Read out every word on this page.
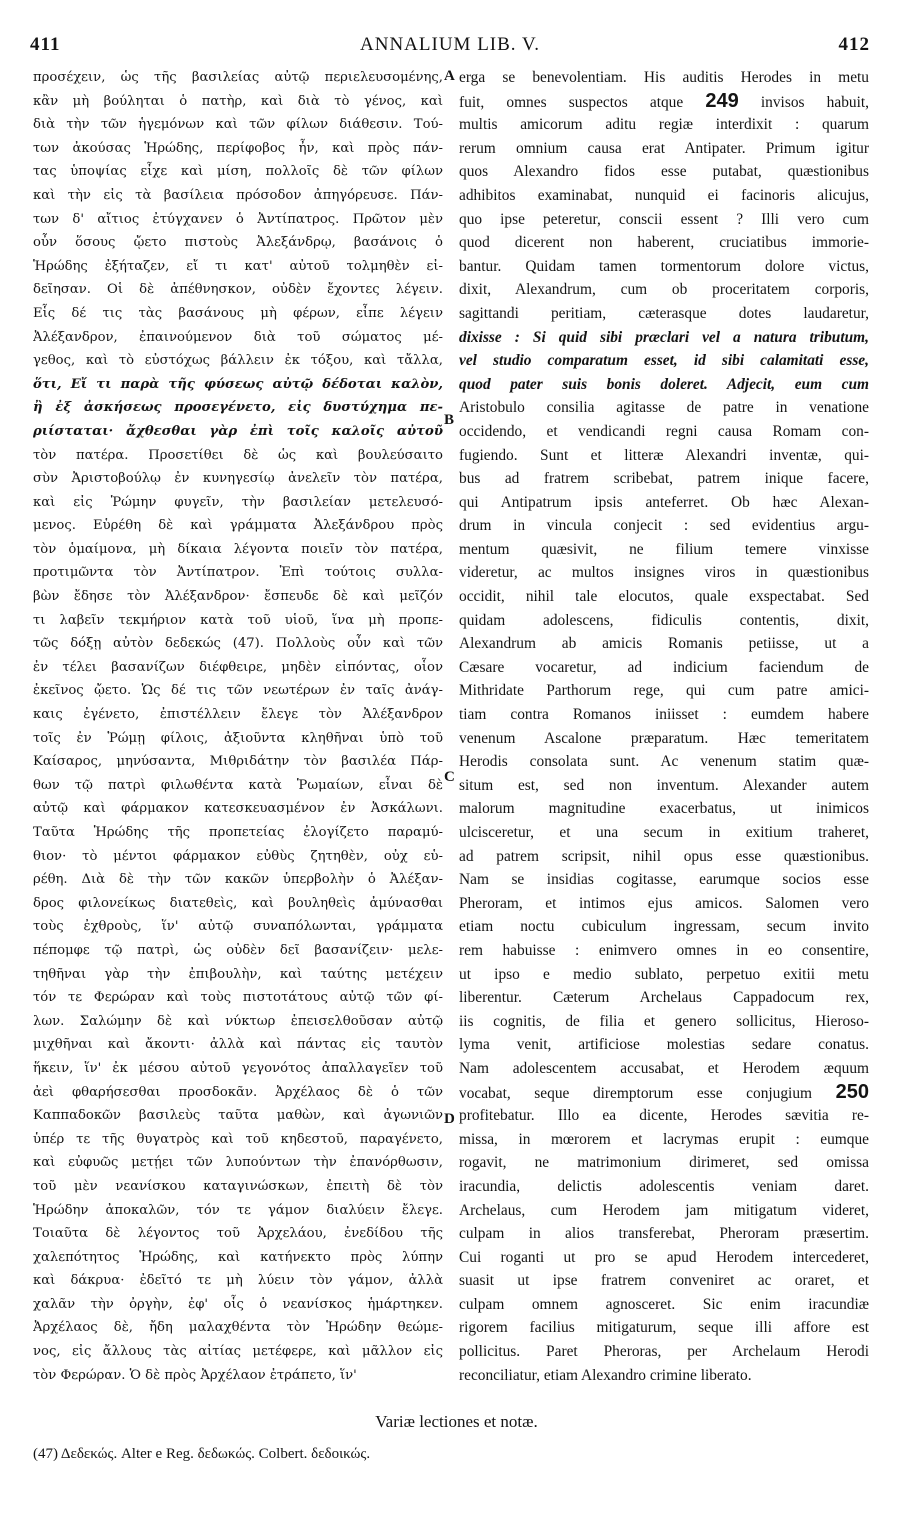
411	ANNALIUM LIB. V.	412
προσέχειν, ὡς τῆς βασιλείας αὐτῷ περιελευσομένης,
κἂν μὴ βούληται ὁ πατὴρ, καὶ διὰ τὸ γένος, καὶ
διὰ τὴν τῶν ἡγεμόνων καὶ τῶν φίλων διάθεσιν. Τού-
των ἀκούσας Ἡρώδης, περίφοβος ἦν, καὶ πρὸς πάν-
τας ὑποψίας εἶχε καὶ μίση, πολλοῖς δὲ τῶν φίλων
καὶ τὴν εἰς τὰ βασίλεια πρόσοδον ἀπηγόρευσε. Πάν-
των δ' αἴτιος ἐτύγχανεν ὁ Ἀντίπατρος. Πρῶτον μὲν
οὖν ὅσους ᾤετο πιστοὺς Ἀλεξάνδρῳ, βασάνοις ὁ
Ἡρώδης ἐξήταζεν, εἴ τι κατ' αὐτοῦ τολμηθὲν εἰ-
δεῖησαν. Οἱ δὲ ἀπέθνησκον, οὐδὲν ἔχοντες λέγειν.
Εἷς δέ τις τὰς βασάνους μὴ φέρων, εἶπε λέγειν
Ἀλέξανδρον, ἐπαινούμενον διὰ τοῦ σώματος μέ-
γεθος, καὶ τὸ εὐστόχως βάλλειν ἐκ τόξου, καὶ τἄλλα,
ὅτι, Εἴ τι παρὰ τῆς φύσεως αὐτῷ δέδοται καλὸν,
ἢ ἐξ ἀσκήσεως προσεγένετο, εἰς δυστύχημα πε-
ριίσταται· ἄχθεσθαι γὰρ ἐπὶ τοῖς καλοῖς αὐτοῦ
τὸν πατέρα. Προσετίθει δὲ ὡς καὶ βουλεύσαιτο
σὺν Ἀριστοβούλῳ ἐν κυνηγεσίῳ ἀνελεῖν τὸν πατέρα,
καὶ εἰς Ῥώμην φυγεῖν, τὴν βασιλείαν μετελευσό-
μενος. Εὑρέθη δὲ καὶ γράμματα Ἀλεξάνδρου πρὸς
τὸν ὁμαίμονα, μὴ δίκαια λέγοντα ποιεῖν τὸν πατέρα,
προτιμῶντα τὸν Ἀντίπατρον. Ἐπὶ τούτοις συλλα-
βὼν ἔδησε τὸν Ἀλέξανδρον· ἔσπευδε δὲ καὶ μεῖζόν
τι λαβεῖν τεκμήριον κατὰ τοῦ υἱοῦ, ἵνα μὴ προπε-
τῶς δόξῃ αὐτὸν δεδεκώς (47). Πολλοὺς οὖν καὶ τῶν
ἐν τέλει βασανίζων διέφθειρε, μηδὲν εἰπόντας, οἷον
ἐκεῖνος ᾤετο. Ὡς δέ τις τῶν νεωτέρων ἐν ταῖς ἀνάγ-
καις ἐγένετο, ἐπιστέλλειν ἔλεγε τὸν Ἀλέξανδρον
τοῖς ἐν Ῥώμῃ φίλοις, ἀξιοῦντα κληθῆναι ὑπὸ τοῦ
Καίσαρος, μηνύσαντα, Μιθριδάτην τὸν βασιλέα Πάρ-
θων τῷ πατρὶ φιλωθέντα κατὰ Ῥωμαίων, εἶναι δὲ
αὐτῷ καὶ φάρμακον κατεσκευασμένον ἐν Ἀσκάλωνι.
Ταῦτα Ἡρώδης τῆς προπετείας ἐλογίζετο παραμύ-
θιον· τὸ μέντοι φάρμακον εὐθὺς ζητηθὲν, οὐχ εὑ-
ρέθη. Διὰ δὲ τὴν τῶν κακῶν ὑπερβολὴν ὁ Ἀλέξαν-
δρος φιλονείκως διατεθεὶς, καὶ βουληθεὶς ἀμύνασθαι
τοὺς ἐχθροὺς, ἵν' αὐτῷ συναπόλωνται, γράμματα
πέπομφε τῷ πατρὶ, ὡς οὐδὲν δεῖ βασανίζειν· μελε-
τηθῆναι γὰρ τὴν ἐπιβουλὴν, καὶ ταύτης μετέχειν
τόν τε Φερώραν καὶ τοὺς πιστοτάτους αὐτῷ τῶν φί-
λων. Σαλώμην δὲ καὶ νύκτωρ ἐπεισελθοῦσαν αὐτῷ
μιχθῆναι καὶ ἄκοντι· ἀλλὰ καὶ πάντας εἰς ταυτὸν
ἥκειν, ἵν' ἐκ μέσου αὐτοῦ γεγονότος ἀπαλλαγεῖεν τοῦ
ἀεὶ φθαρήσεσθαι προσδοκᾶν. Ἀρχέλαος δὲ ὁ τῶν
Καππαδοκῶν βασιλεὺς ταῦτα μαθὼν, καὶ ἀγωνιῶν
ὑπέρ τε τῆς θυγατρὸς καὶ τοῦ κηδεστοῦ, παραγένετο,
καὶ εὐφυῶς μετῄει τῶν λυπούντων τὴν ἐπανόρθωσιν,
τοῦ μὲν νεανίσκου καταγινώσκων, ἐπειτὴ δὲ τὸν
Ἡρώδην ἀποκαλῶν, τόν τε γάμον διαλύειν ἔλεγε.
Τοιαῦτα δὲ λέγοντος τοῦ Ἀρχελάου, ἐνεδίδου τῆς
χαλεπότητος Ἡρώδης, καὶ κατήνεκτο πρὸς λύπην
καὶ δάκρυα· ἐδεῖτό τε μὴ λύειν τὸν γάμον, ἀλλὰ
χαλᾶν τὴν ὀργὴν, ἐφ' οἷς ὁ νεανίσκος ἡμάρτηκεν.
Ἀρχέλαος δὲ, ἤδη μαλαχθέντα τὸν Ἡρώδην θεώμε-
νος, εἰς ἄλλους τὰς αἰτίας μετέφερε, καὶ μᾶλλον εἰς
τὸν Φερώραν. Ὁ δὲ πρὸς Ἀρχέλαον ἐτράπετο, ἵν'
erga se benevolentiam. His auditis Herodes in metu
fuit, omnes suspectos atque 249 invisos habuit,
multis amicorum aditu regiæ interdixit : quarum
rerum omnium causa erat Antipater. Primum igitur
quos Alexandro fidos esse putabat, quæstionibus
adhibitos examinabat, nunquid ei facinoris alicujus,
quo ipse peteretur, conscii essent ? Illi vero cum
quod dicerent non haberent, cruciatibus immorie-
bantur. Quidam tamen tormentorum dolore victus,
dixit, Alexandrum, cum ob proceritatem corporis,
sagittandi peritiam, cæterasque dotes laudaretur,
dixisse : Si quid sibi præclari vel a natura tributum,
vel studio comparatum esset, id sibi calamitati esse,
quod pater suis bonis doleret. Adjecit, eum cum
Aristobulo consilia agitasse de patre in venatione
occidendo, et vendicandi regni causa Romam con-
fugiendo. Sunt et litteræ Alexandri inventæ, qui-
bus ad fratrem scribebat, patrem inique facere,
qui Antipatrum ipsis anteferret. Ob hæc Alexan-
drum in vincula conjecit : sed evidentius argu-
mentum quæsivit, ne filium temere vinxisse
videretur, ac multos insignes viros in quæstionibus
occidit, nihil tale elocutos, quale exspectabat. Sed
quidam adolescens, fidiculis contentis, dixit,
Alexandrum ab amicis Romanis petiisse, ut a
Cæsare vocaretur, ad indicium faciendum de
Mithridate Parthorum rege, qui cum patre amici-
tiam contra Romanos iniisset : eumdem habere
venenum Ascalone præparatum. Hæc temeritatem
Herodis consolata sunt. Ac venenum statim quæ-
situm est, sed non inventum. Alexander autem
malorum magnitudine exacerbatus, ut inimicos
ulcisceretur, et una secum in exitium traheret,
ad patrem scripsit, nihil opus esse quæstionibus.
Nam se insidias cogitasse, earumque socios esse
Pheroram, et intimos ejus amicos. Salomen vero
etiam noctu cubiculum ingressam, secum invito
rem habuisse : enimvero omnes in eo consentire,
ut ipso e medio sublato, perpetuo exitii metu
liberentur. Cæterum Archelaus Cappadocum rex,
iis cognitis, de filia et genero sollicitus, Hieroso-
lyma venit, artificiose molestias sedare conatus.
Nam adolescentem accusabat, et Herodem æquum
vocabat, seque diremptorum esse conjugium 250
profitebatur. Illo ea dicente, Herodes sævitia re-
missa, in mœrorem et lacrymas erupit : eumque
rogavit, ne matrimonium dirimeret, sed omissa
iracundia, delictis adolescentis veniam daret.
Archelaus, cum Herodem jam mitigatum videret,
culpam in alios transferebat, Pheroram præsertim.
Cui roganti ut pro se apud Herodem intercederet,
suasit ut ipse fratrem conveniret ac oraret, et
culpam omnem agnosceret. Sic enim iracundiæ
rigorem facilius mitigaturum, seque illi affore est
pollicitus. Paret Pheroras, per Archelaum Herodi
reconciliatur, etiam Alexandro crimine liberato.
A
B
C
D
Variæ lectiones et notæ.
(47) Δεδεκώς. Alter e Reg. δεδωκώς. Colbert. δεδοικώς.
